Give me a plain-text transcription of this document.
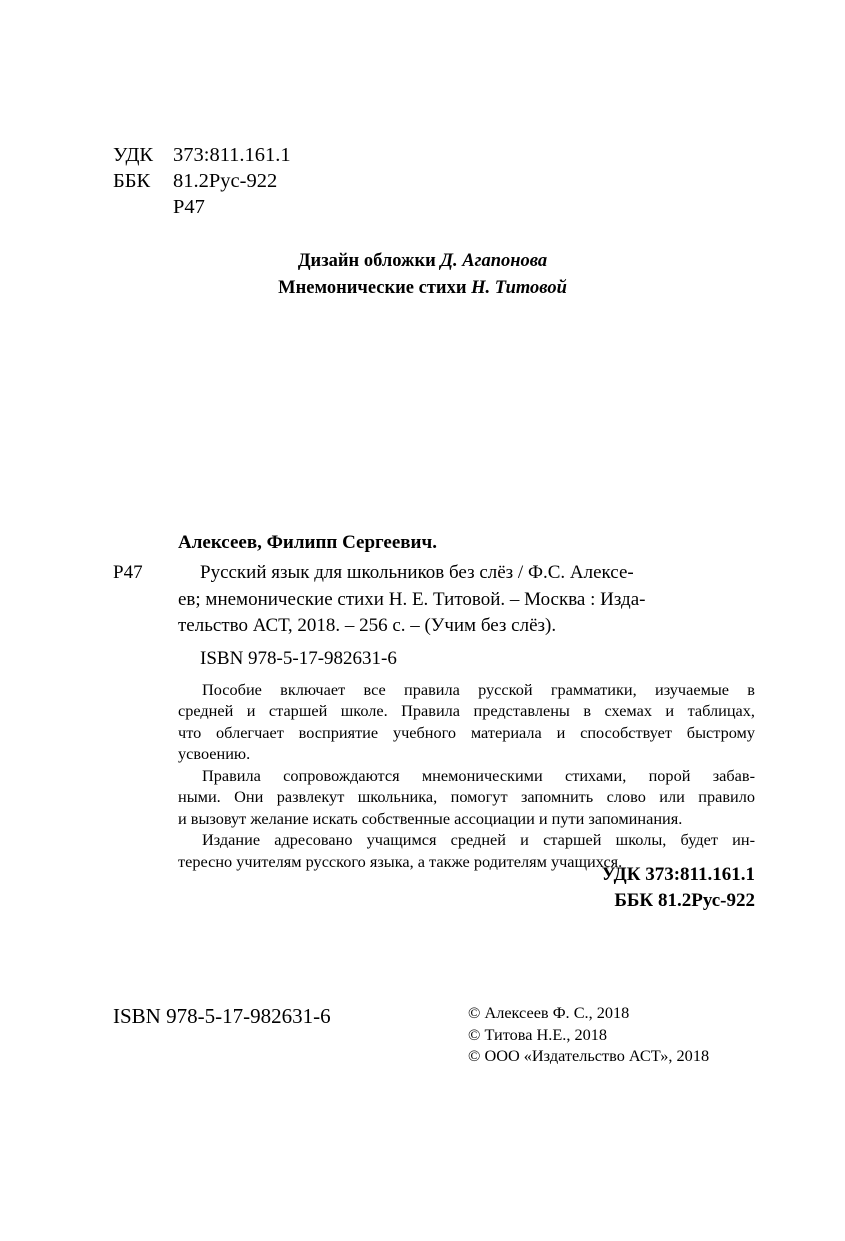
УДК 373:811.161.1
ББК 81.2Рус-922
Р47
Дизайн обложки Д. Агапонова
Мнемонические стихи Н. Титовой
Алексеев, Филипп Сергеевич.
Р47	Русский язык для школьников без слёз / Ф.С. Алексе-
ев; мнемонические стихи Н. Е. Титовой. – Москва : Изда-
тельство АСТ, 2018. – 256 с. – (Учим без слёз).
ISBN 978-5-17-982631-6

Пособие включает все правила русской грамматики, изучаемые в
средней и старшей школе. Правила представлены в схемах и таблицах,
что облегчает восприятие учебного материала и способствует быстрому
усвоению.

Правила сопровождаются мнемоническими стихами, порой забав-
ными. Они развлекут школьника, помогут запомнить слово или правило
и вызовут желание искать собственные ассоциации и пути запоминания.

Издание адресовано учащимся средней и старшей школы, будет ин-
тересно учителям русского языка, а также родителям учащихся.

УДК 373:811.161.1
ББК 81.2Рус-922
ISBN 978-5-17-982631-6	© Алексеев Ф. С., 2018
© Титова Н.Е., 2018
© ООО «Издательство АСТ», 2018
